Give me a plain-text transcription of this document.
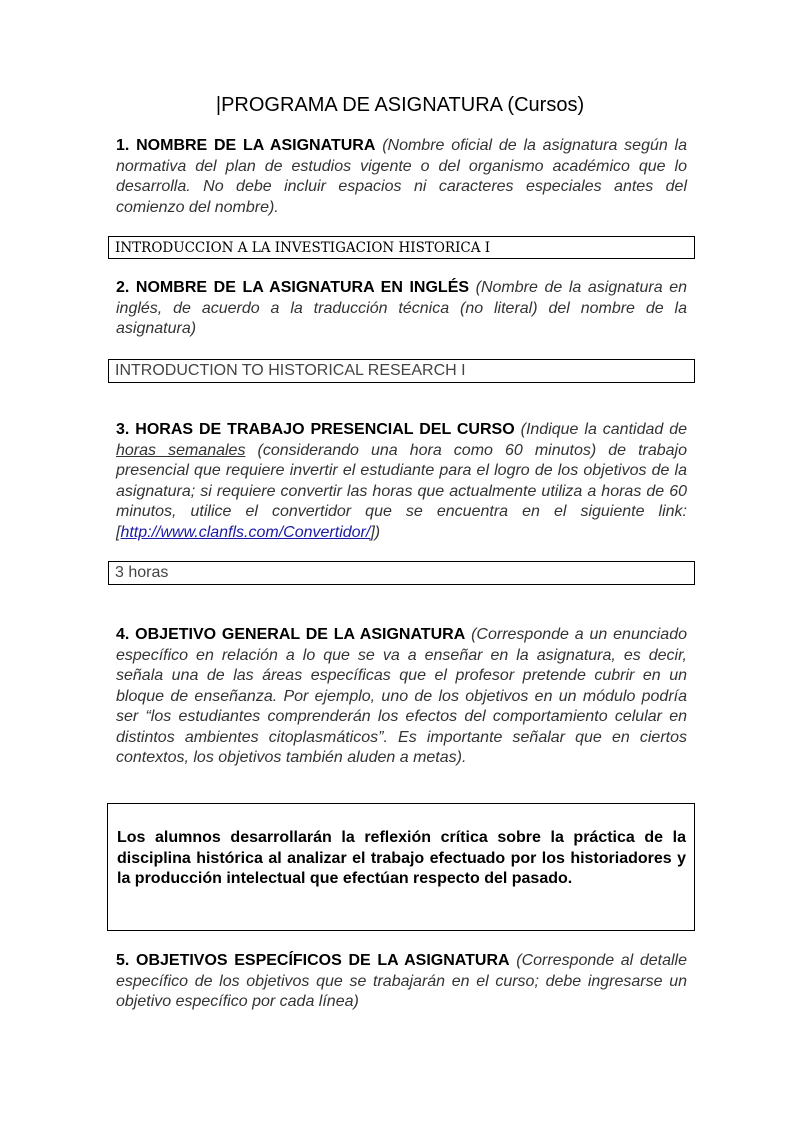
|PROGRAMA DE ASIGNATURA (Cursos)
1. NOMBRE DE LA ASIGNATURA (Nombre oficial de la asignatura según la normativa del plan de estudios vigente o del organismo académico que lo desarrolla. No debe incluir espacios ni caracteres especiales antes del comienzo del nombre).
INTRODUCCION A LA INVESTIGACION HISTORICA I
2. NOMBRE DE LA ASIGNATURA EN INGLÉS (Nombre de la asignatura en inglés, de acuerdo a la traducción técnica (no literal) del nombre de la asignatura)
INTRODUCTION TO HISTORICAL RESEARCH I
3. HORAS DE TRABAJO PRESENCIAL DEL CURSO (Indique la cantidad de horas semanales (considerando una hora como 60 minutos) de trabajo presencial que requiere invertir el estudiante para el logro de los objetivos de la asignatura; si requiere convertir las horas que actualmente utiliza a horas de 60 minutos, utilice el convertidor que se encuentra en el siguiente link: [http://www.clanfls.com/Convertidor/])
3 horas
4. OBJETIVO GENERAL DE LA ASIGNATURA (Corresponde a un enunciado específico en relación a lo que se va a enseñar en la asignatura, es decir, señala una de las áreas específicas que el profesor pretende cubrir en un bloque de enseñanza. Por ejemplo, uno de los objetivos en un módulo podría ser “los estudiantes comprenderán los efectos del comportamiento celular en distintos ambientes citoplasmáticos”. Es importante señalar que en ciertos contextos, los objetivos también aluden a metas).
Los alumnos desarrollarán la reflexión crítica sobre la práctica de la disciplina histórica al analizar el trabajo efectuado por los historiadores y la producción intelectual que efectúan respecto del pasado.
5. OBJETIVOS ESPECÍFICOS DE LA ASIGNATURA (Corresponde al detalle específico de los objetivos que se trabajarán en el curso; debe ingresarse un objetivo específico por cada línea)
